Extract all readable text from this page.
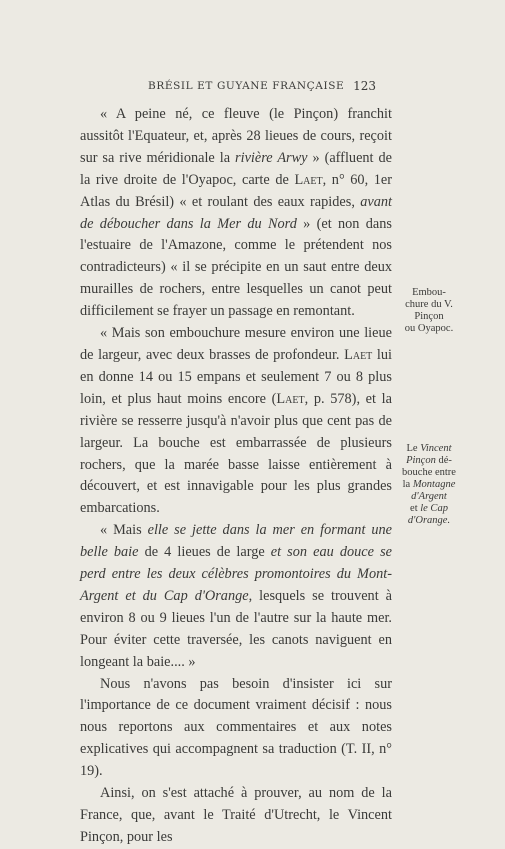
BRÉSIL ET GUYANE FRANÇAISE 123

« A peine né, ce fleuve (le Pinçon) franchit aussitôt l'Equateur, et, après 28 lieues de cours, reçoit sur sa rive méridionale la rivière Arwy » (affluent de la rive droite de l'Oyapoc, carte de Laet, n° 60, 1er Atlas du Brésil) « et roulant des eaux rapides, avant de déboucher dans la Mer du Nord » (et non dans l'estuaire de l'Amazone, comme le prétendent nos contradicteurs) « il se précipite en un saut entre deux murailles de rochers, entre lesquelles un canot peut difficilement se frayer un passage en remontant.

« Mais son embouchure mesure environ une lieue de largeur, avec deux brasses de profondeur. Laet lui en donne 14 ou 15 empans et seulement 7 ou 8 plus loin, et plus haut moins encore (Laet, p. 578), et la rivière se resserre jusqu'à n'avoir plus que cent pas de largeur. La bouche est embarrassée de plusieurs rochers, que la marée basse laisse entièrement à découvert, et est innavigable pour les plus grandes embarcations.

« Mais elle se jette dans la mer en formant une belle baie de 4 lieues de large et son eau douce se perd entre les deux célèbres promontoires du Mont-Argent et du Cap d'Orange, lesquels se trouvent à environ 8 ou 9 lieues l'un de l'autre sur la haute mer. Pour éviter cette traversée, les canots naviguent en longeant la baie.... »

Nous n'avons pas besoin d'insister ici sur l'importance de ce document vraiment décisif : nous nous reportons aux commentaires et aux notes explicatives qui accompagnent sa traduction (T. II, n° 19).

Ainsi, on s'est attaché à prouver, au nom de la France, que, avant le Traité d'Utrecht, le Vincent Pinçon, pour les

Embou-
chure du V.
Pinçon
ou Oyapoc.
Le Vincent
Pinçon dé-
bouche entre
la Montagne
d'Argent
et le Cap
d'Orange.
